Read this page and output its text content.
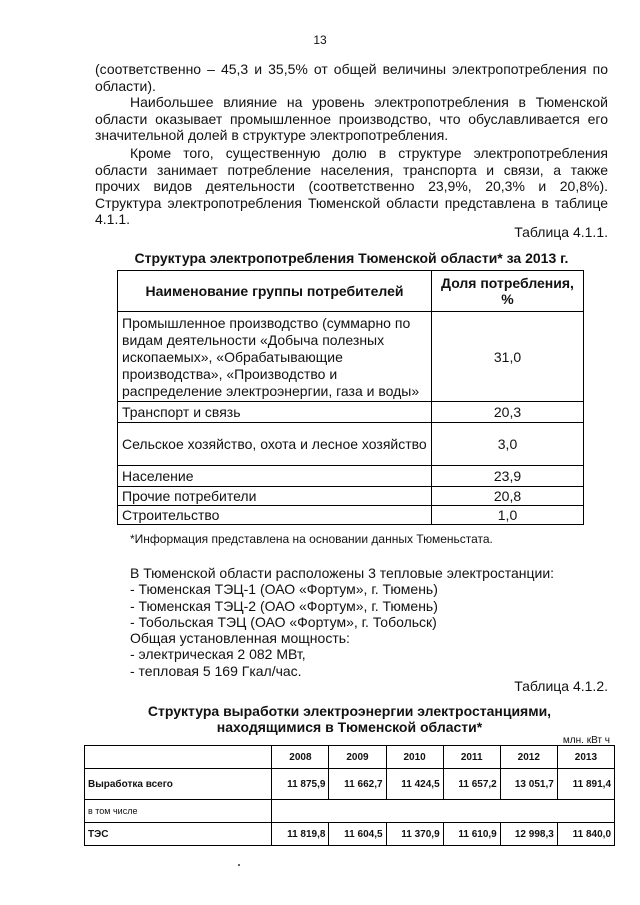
13
(соответственно – 45,3 и 35,5% от общей величины электропотребления по области).
Наибольшее влияние на уровень электропотребления в Тюменской области оказывает промышленное производство, что обуславливается его значительной долей в структуре электропотребления.
Кроме того, существенную долю в структуре электропотребления области занимает потребление населения, транспорта и связи, а также прочих видов деятельности (соответственно 23,9%, 20,3% и 20,8%). Структура электропотребления Тюменской области представлена в таблице 4.1.1.
Таблица 4.1.1.
Структура электропотребления Тюменской области* за 2013 г.
Наименование группы потребителей	Доля потребления, %
Промышленное производство (суммарно по видам деятельности «Добыча полезных ископаемых», «Обрабатывающие производства», «Производство и распределение электроэнергии, газа и воды»	31,0
Транспорт и связь	20,3
Сельское хозяйство, охота и лесное хозяйство	3,0
Население	23,9
Прочие потребители	20,8
Строительство	1,0
*Информация представлена на основании данных Тюменьстата.
В Тюменской области расположены 3 тепловые электростанции:
- Тюменская ТЭЦ-1 (ОАО «Фортум», г. Тюмень)
- Тюменская ТЭЦ-2 (ОАО «Фортум», г. Тюмень)
- Тобольская ТЭЦ (ОАО «Фортум», г. Тобольск)
Общая установленная мощность:
- электрическая 2 082 МВт,
- тепловая 5 169 Гкал/час.
Таблица 4.1.2.
Структура выработки электроэнергии электростанциями,
находящимися в Тюменской области*
млн. кВт ч
	2008	2009	2010	2011	2012	2013
Выработка всего	11 875,9	11 662,7	11 424,5	11 657,2	13 051,7	11 891,4
в том числе						
ТЭС	11 819,8	11 604,5	11 370,9	11 610,9	12 998,3	11 840,0
